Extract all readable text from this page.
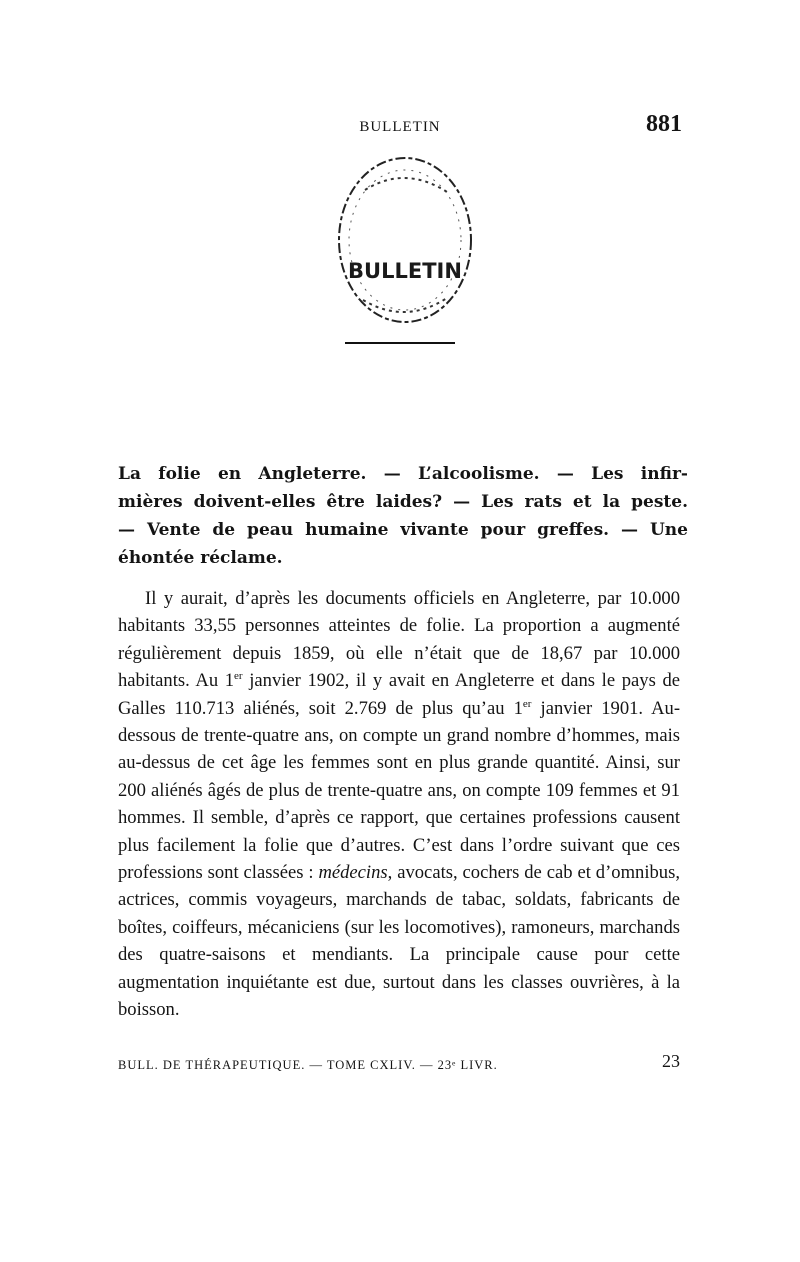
BULLETIN	881
BULLETIN
La folie en Angleterre. — L’alcoolisme. — Les infir-
mières doivent-elles être laides? — Les rats et la peste.
— Vente de peau humaine vivante pour greffes. — Une
éhontée réclame.

Il y aurait, d’après les documents officiels en Angleterre, par 10.000 habitants 33,55 personnes atteintes de folie. La proportion a augmenté régulièrement depuis 1859, où elle n’était que de 18,67 par 10.000 habitants. Au 1er janvier 1902, il y avait en Angleterre et dans le pays de Galles 110.713 aliénés, soit 2.769 de plus qu’au 1er janvier 1901. Au-dessous de trente-quatre ans, on compte un grand nombre d’hommes, mais au-dessus de cet âge les femmes sont en plus grande quantité. Ainsi, sur 200 aliénés âgés de plus de trente-quatre ans, on compte 109 femmes et 91 hommes. Il semble, d’après ce rapport, que certaines professions causent plus facilement la folie que d’autres. C’est dans l’ordre suivant que ces professions sont classées : médecins, avocats, cochers de cab et d’omnibus, actrices, commis voyageurs, marchands de tabac, soldats, fabricants de boîtes, coiffeurs, mécaniciens (sur les locomotives), ramoneurs, marchands des quatre-saisons et mendiants. La principale cause pour cette augmentation inquiétante est due, surtout dans les classes ouvrières, à la boisson.

BULL. DE THÉRAPEUTIQUE. — TOME CXLIV. — 23ᵉ LIVR.	23
